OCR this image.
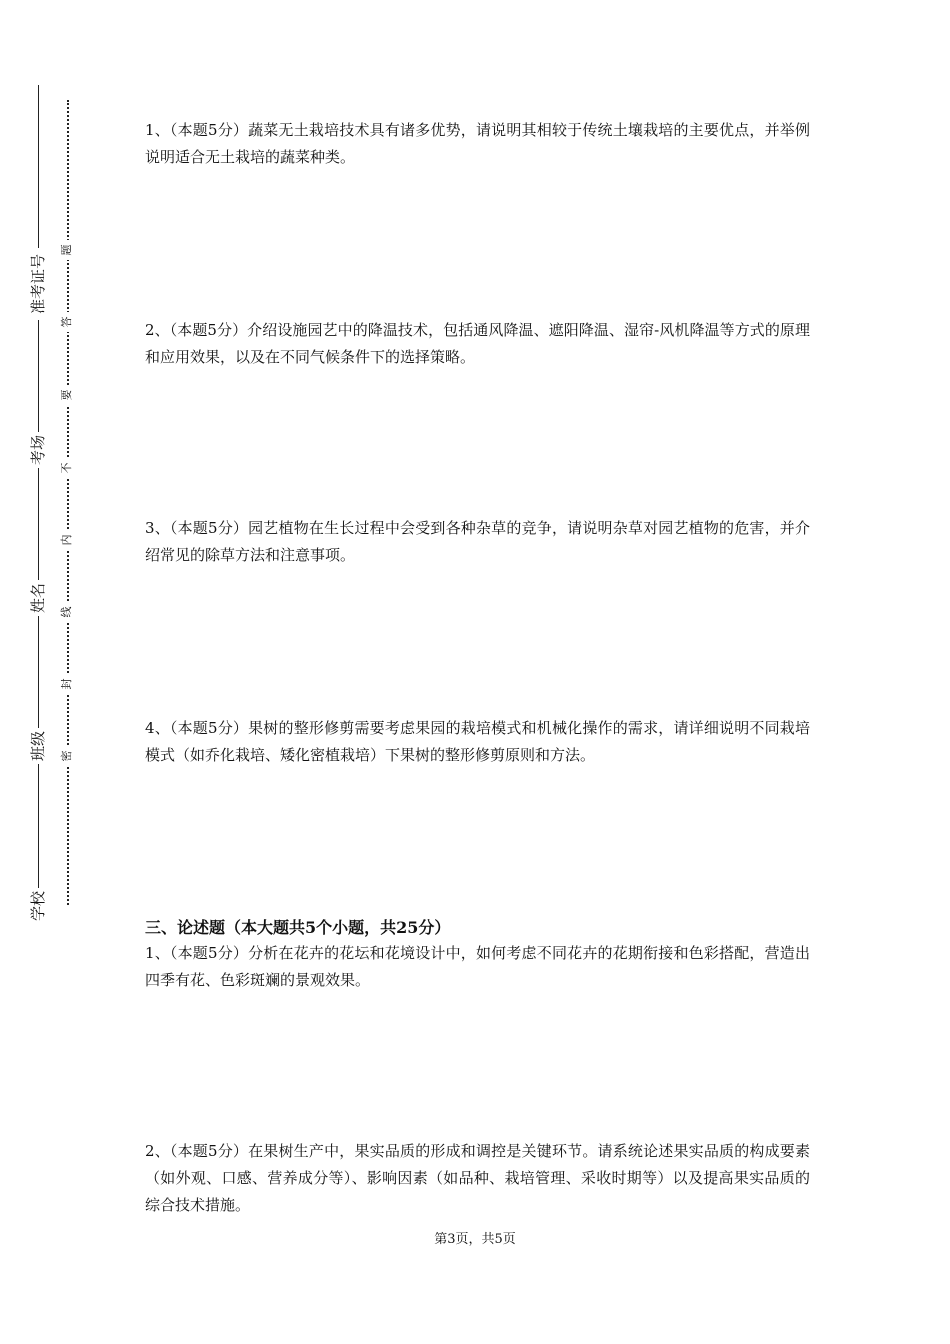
准考证号
考场
姓名
班级
学校
题
答
要
不
内
线
封
密

1、（本题5分）蔬菜无土栽培技术具有诸多优势，请说明其相较于传统土壤栽培的主要优点，并举例说明适合无土栽培的蔬菜种类。

2、（本题5分）介绍设施园艺中的降温技术，包括通风降温、遮阳降温、湿帘-风机降温等方式的原理和应用效果，以及在不同气候条件下的选择策略。

3、（本题5分）园艺植物在生长过程中会受到各种杂草的竞争，请说明杂草对园艺植物的危害，并介绍常见的除草方法和注意事项。

4、（本题5分）果树的整形修剪需要考虑果园的栽培模式和机械化操作的需求，请详细说明不同栽培模式（如乔化栽培、矮化密植栽培）下果树的整形修剪原则和方法。

三、论述题（本大题共5个小题，共25分）

1、（本题5分）分析在花卉的花坛和花境设计中，如何考虑不同花卉的花期衔接和色彩搭配，营造出四季有花、色彩斑斓的景观效果。

2、（本题5分）在果树生产中，果实品质的形成和调控是关键环节。请系统论述果实品质的构成要素（如外观、口感、营养成分等）、影响因素（如品种、栽培管理、采收时期等）以及提高果实品质的综合技术措施。

第3页，共5页
